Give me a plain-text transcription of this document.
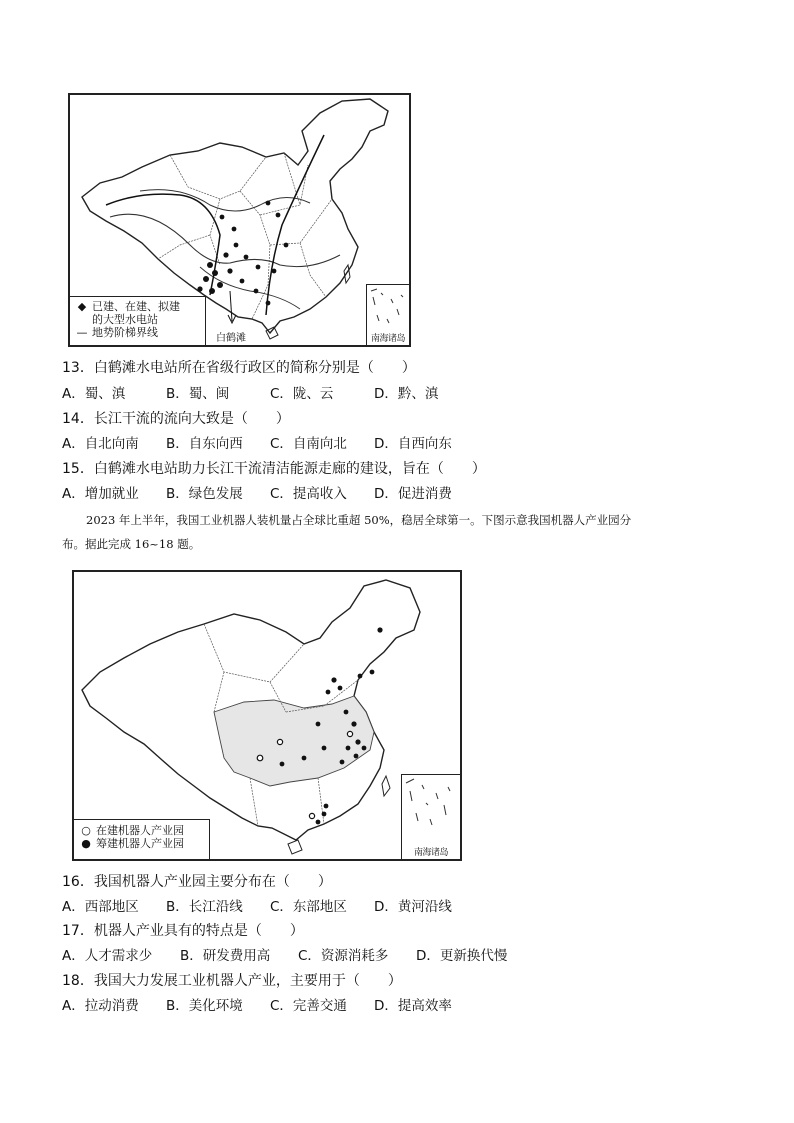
白鹤滩
◆ 已建、在建、拟建
的大型水电站
— 地势阶梯界线	南海诸岛
13．白鹤滩水电站所在省级行政区的简称分别是（　　）
A．蜀、滇	B．蜀、闽	C．陇、云	D．黔、滇
14．长江干流的流向大致是（　　）
A．自北向南	B．自东向西	C．自南向北	D．自西向东
15．白鹤滩水电站助力长江干流清洁能源走廊的建设，旨在（　　）
A．增加就业	B．绿色发展	C．提高收入	D．促进消费
2023 年上半年，我国工业机器人装机量占全球比重超 50%，稳居全球第一。下图示意我国机器人产业园分
布。据此完成 16~18 题。
○ 在建机器人产业园
● 筹建机器人产业园
南海诸岛
16．我国机器人产业园主要分布在（　　）
A．西部地区	B．长江沿线	C．东部地区	D．黄河沿线
17．机器人产业具有的特点是（　　）
A．人才需求少	B．研发费用高	C．资源消耗多	D．更新换代慢
18．我国大力发展工业机器人产业，主要用于（　　）
A．拉动消费	B．美化环境	C．完善交通	D．提高效率
